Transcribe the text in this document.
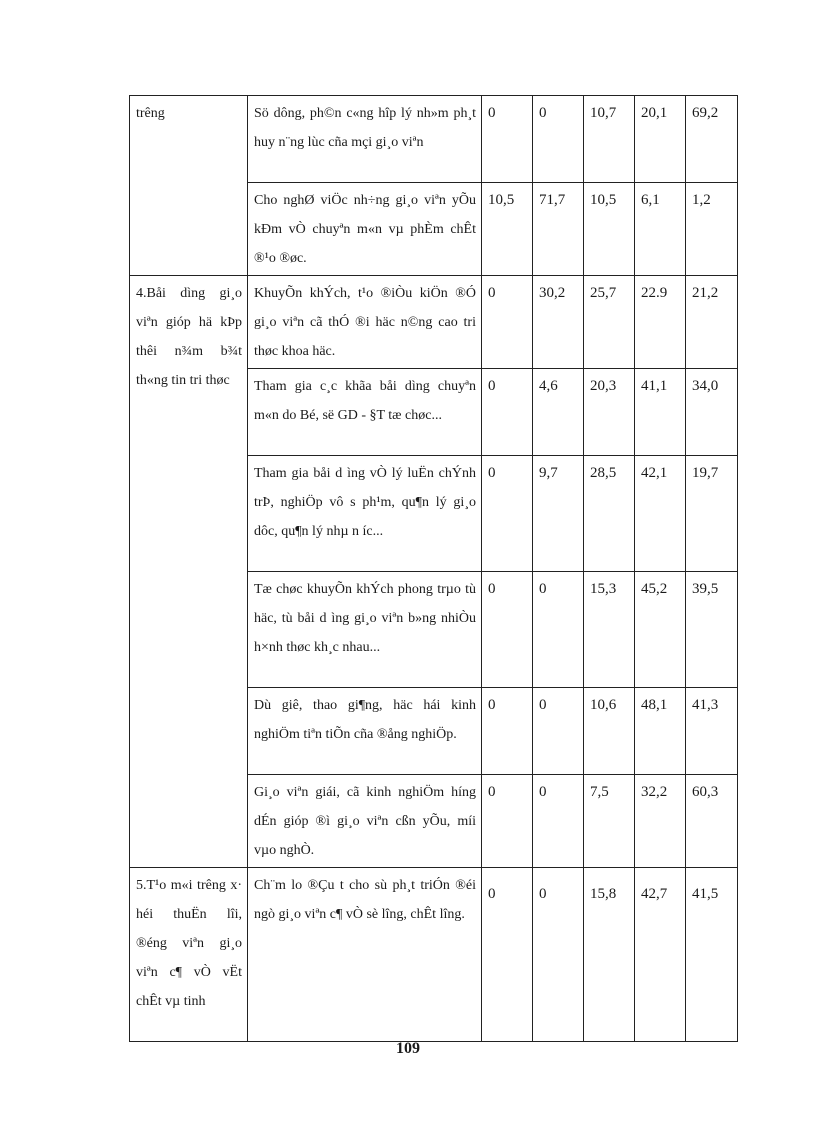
trêng	Sö dông, ph©n c«ng hîp lý nh»m ph¸t huy n¨ng lùc cña mçi gi¸o viªn	0	0	10,7	20,1	69,2
	Cho nghØ viÖc nh÷ng gi¸o viªn yÕu kÐm vÒ chuyªn m«n vµ phÈm chÊt ®¹o ®øc.	10,5	71,7	10,5	6,1	1,2
4.Båi dìng gi¸o viªn gióp hä kÞp thêi n¾m b¾t th«ng tin tri thøc	KhuyÕn khÝch, t¹o ®iÒu kiÖn ®Ó gi¸o viªn cã thÓ ®i häc n©ng cao tri thøc khoa häc.	0	30,2	25,7	22.9	21,2
	Tham gia c¸c khãa båi dìng chuyªn m«n do Bé, së GD - §T tæ chøc...	0	4,6	20,3	41,1	34,0
	Tham gia båi d ìng vÒ lý luËn chÝnh trÞ, nghiÖp vô s ph¹m, qu¶n lý gi¸o dôc, qu¶n lý nhµ n íc...	0	9,7	28,5	42,1	19,7
	Tæ chøc khuyÕn khÝch phong trµo tù häc, tù båi d ìng gi¸o viªn b»ng nhiÒu h×nh thøc kh¸c nhau...	0	0	15,3	45,2	39,5
	Dù giê, thao gi¶ng, häc hái kinh nghiÖm tiªn tiÕn cña ®ång nghiÖp.	0	0	10,6	48,1	41,3
	Gi¸o viªn giái, cã kinh nghiÖm híng dÉn gióp ®ì gi¸o viªn cßn yÕu, míi vµo nghÒ.	0	0	7,5	32,2	60,3
5.T¹o m«i trêng x· héi thuËn lîi, ®éng viªn gi¸o viªn c¶ vÒ vËt chÊt vµ tinh	Ch¨m lo ®Çu t cho sù ph¸t triÓn ®éi ngò gi¸o viªn c¶ vÒ sè lîng, chÊt lîng.	0	0	15,8	42,7	41,5
109
